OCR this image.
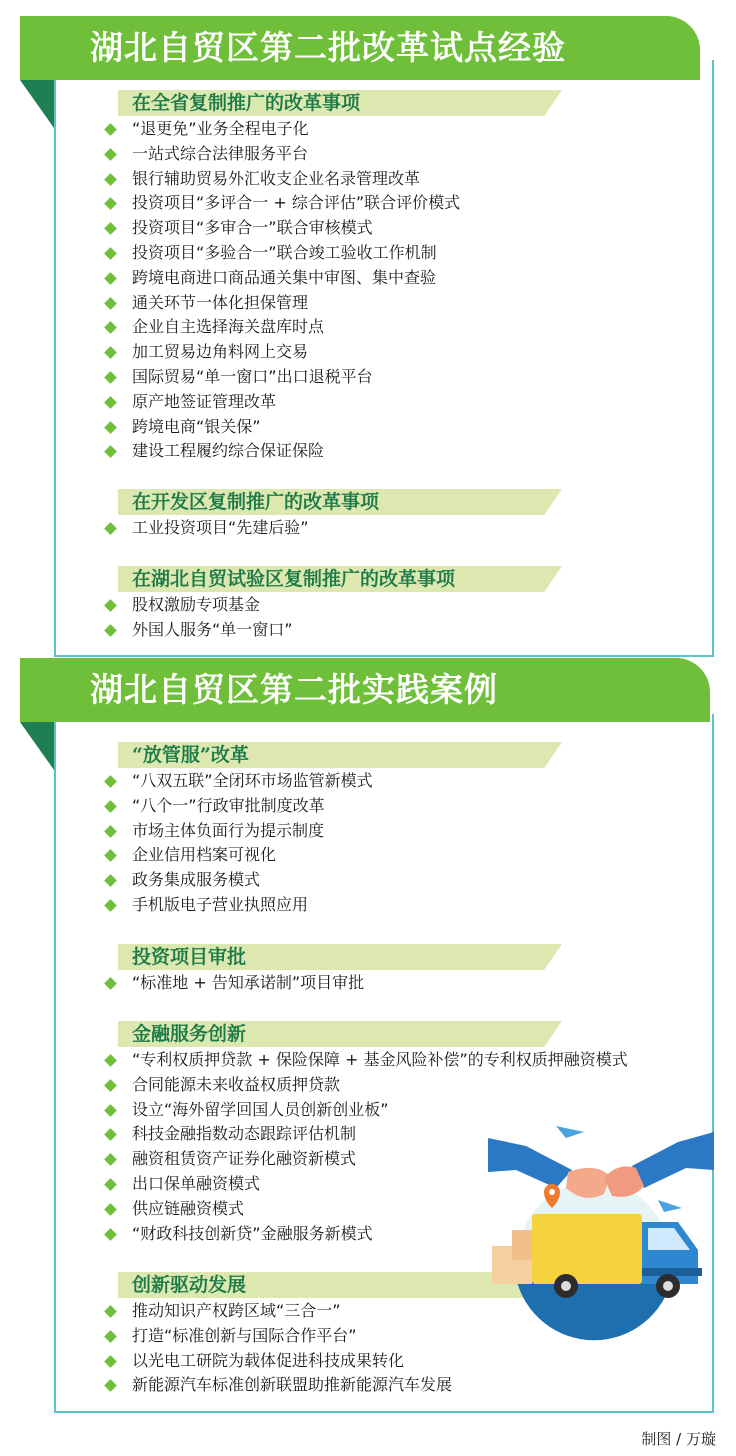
湖北自贸区第二批改革试点经验
湖北自贸区第二批实践案例
在全省复制推广的改革事项
“退更免”业务全程电子化
一站式综合法律服务平台
银行辅助贸易外汇收支企业名录管理改革
投资项目“多评合一 + 综合评估”联合评价模式
投资项目“多审合一”联合审核模式
投资项目“多验合一”联合竣工验收工作机制
跨境电商进口商品通关集中审图、集中查验
通关环节一体化担保管理
企业自主选择海关盘库时点
加工贸易边角料网上交易
国际贸易“单一窗口”出口退税平台
原产地签证管理改革
跨境电商“银关保”
建设工程履约综合保证保险
在开发区复制推广的改革事项
工业投资项目“先建后验”
在湖北自贸试验区复制推广的改革事项
股权激励专项基金
外国人服务“单一窗口”
“放管服”改革
“八双五联”全闭环市场监管新模式
“八个一”行政审批制度改革
市场主体负面行为提示制度
企业信用档案可视化
政务集成服务模式
手机版电子营业执照应用
投资项目审批
“标准地 + 告知承诺制”项目审批
金融服务创新
“专利权质押贷款 + 保险保障 + 基金风险补偿”的专利权质押融资模式
合同能源未来收益权质押贷款
设立“海外留学回国人员创新创业板”
科技金融指数动态跟踪评估机制
融资租赁资产证券化融资新模式
出口保单融资模式
供应链融资模式
“财政科技创新贷”金融服务新模式
创新驱动发展
推动知识产权跨区域“三合一”
打造“标准创新与国际合作平台”
以光电工研院为载体促进科技成果转化
新能源汽车标准创新联盟助推新能源汽车发展
制图 / 万璇
